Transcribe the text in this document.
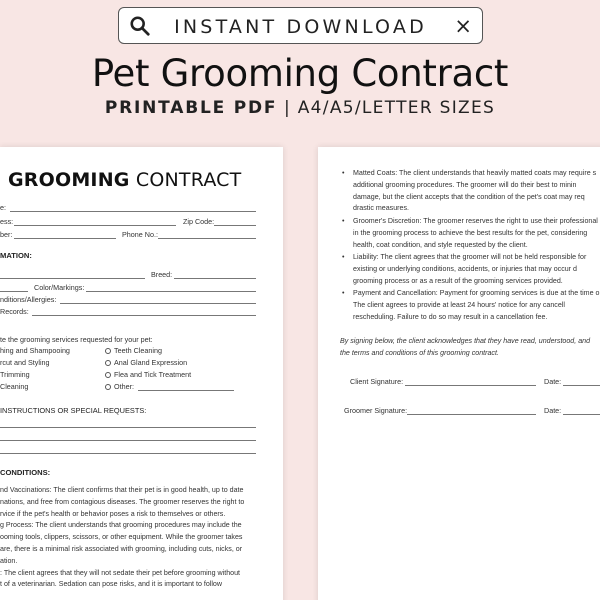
INSTANT DOWNLOAD	×
Pet Grooming Contract
PRINTABLE PDF | A4/A5/LETTER SIZES
GROOMING CONTRACT
e:
ess:	Zip Code:
ber:	Phone No.:
MATION:
Breed:
Color/Markings:
nditions/Allergies:
Records:
te the grooming services requested for your pet:
hing and Shampooing	Teeth Cleaning
rcut and Styling	Anal Gland Expression
Trimming	Flea and Tick Treatment
Cleaning	Other:
INSTRUCTIONS OR SPECIAL REQUESTS:
CONDITIONS:
nd Vaccinations: The client confirms that their pet is in good health, up to date
nations, and free from contagious diseases. The groomer reserves the right to
rvice if the pet's health or behavior poses a risk to themselves or others.
g Process: The client understands that grooming procedures may include the
ooming tools, clippers, scissors, or other equipment. While the groomer takes
are, there is a minimal risk associated with grooming, including cuts, nicks, or
ation.
: The client agrees that they will not sedate their pet before grooming without
t of a veterinarian. Sedation can pose risks, and it is important to follow
• Matted Coats: The client understands that heavily matted coats may require s
additional grooming procedures. The groomer will do their best to minin
damage, but the client accepts that the condition of the pet's coat may req
drastic measures.
• Groomer's Discretion: The groomer reserves the right to use their professional
in the grooming process to achieve the best results for the pet, considering
health, coat condition, and style requested by the client.
• Liability: The client agrees that the groomer will not be held responsible for
existing or underlying conditions, accidents, or injuries that may occur d
grooming process or as a result of the grooming services provided.
• Payment and Cancellation: Payment for grooming services is due at the time o
The client agrees to provide at least 24 hours' notice for any cancell
rescheduling. Failure to do so may result in a cancellation fee.
By signing below, the client acknowledges that they have read, understood, and
the terms and conditions of this grooming contract.
Client Signature:	Date:
Groomer Signature:	Date:
